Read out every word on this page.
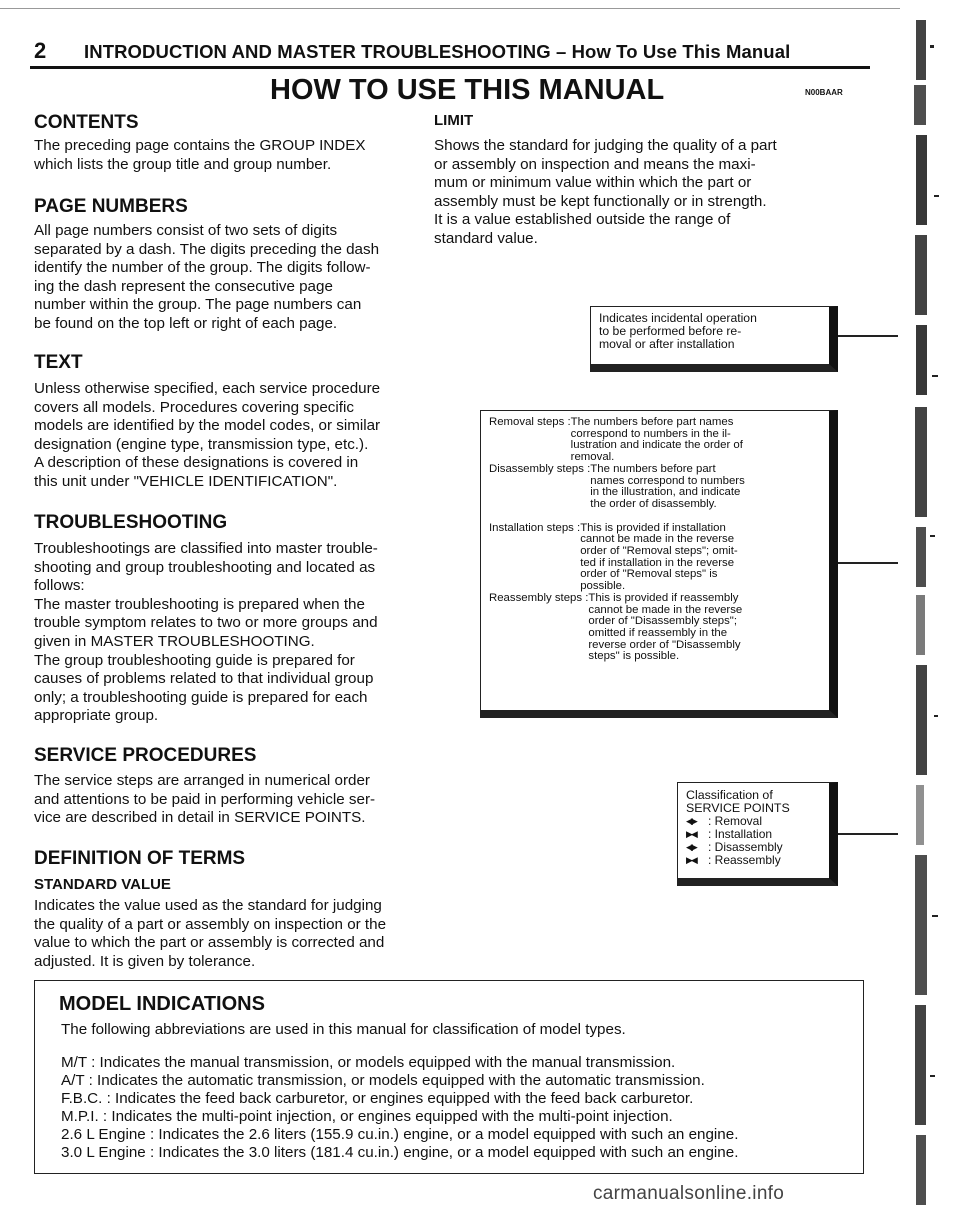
2 INTRODUCTION AND MASTER TROUBLESHOOTING – How To Use This Manual
HOW TO USE THIS MANUAL	N00BAAR
CONTENTS

The preceding page contains the GROUP INDEX
which lists the group title and group number.

PAGE NUMBERS

All page numbers consist of two sets of digits
separated by a dash. The digits preceding the dash
identify the number of the group. The digits follow-
ing the dash represent the consecutive page
number within the group. The page numbers can
be found on the top left or right of each page.

TEXT

Unless otherwise specified, each service procedure
covers all models. Procedures covering specific
models are identified by the model codes, or similar
designation (engine type, transmission type, etc.).
A description of these designations is covered in
this unit under "VEHICLE IDENTIFICATION".

TROUBLESHOOTING

Troubleshootings are classified into master trouble-
shooting and group troubleshooting and located as
follows:
The master troubleshooting is prepared when the
trouble symptom relates to two or more groups and
given in MASTER TROUBLESHOOTING.
The group troubleshooting guide is prepared for
causes of problems related to that individual group
only; a troubleshooting guide is prepared for each
appropriate group.

SERVICE PROCEDURES

The service steps are arranged in numerical order
and attentions to be paid in performing vehicle ser-
vice are described in detail in SERVICE POINTS.

DEFINITION OF TERMS
STANDARD VALUE

Indicates the value used as the standard for judging
the quality of a part or assembly on inspection or the
value to which the part or assembly is corrected and
adjusted. It is given by tolerance.

LIMIT

Shows the standard for judging the quality of a part
or assembly on inspection and means the maxi-
mum or minimum value within which the part or
assembly must be kept functionally or in strength.
It is a value established outside the range of
standard value.

Indicates incidental operation
to be performed before re-
moval or after installation
Removal steps : The numbers before part names
correspond to numbers in the il-
lustration and indicate the order of
removal.
Disassembly steps : The numbers before part
names correspond to numbers
in the illustration, and indicate
the order of disassembly.
Installation steps : This is provided if installation
cannot be made in the reverse
order of "Removal steps"; omit-
ted if installation in the reverse
order of "Removal steps" is
possible.
Reassembly steps : This is provided if reassembly
cannot be made in the reverse
order of "Disassembly steps";
omitted if reassembly in the
reverse order of "Disassembly
steps" is possible.
Classification of
SERVICE POINTS
◀▶	: Removal
▶◀	: Installation
◀▶	: Disassembly
▶◀	: Reassembly
MODEL INDICATIONS
The following abbreviations are used in this manual for classification of model types.
M/T : Indicates the manual transmission, or models equipped with the manual transmission.
A/T : Indicates the automatic transmission, or models equipped with the automatic transmission.
F.B.C. : Indicates the feed back carburetor, or engines equipped with the feed back carburetor.
M.P.I. : Indicates the multi-point injection, or engines equipped with the multi-point injection.
2.6 L Engine : Indicates the 2.6 liters (155.9 cu.in.) engine, or a model equipped with such an engine.
3.0 L Engine : Indicates the 3.0 liters (181.4 cu.in.) engine, or a model equipped with such an engine.
carmanualsonline.info
